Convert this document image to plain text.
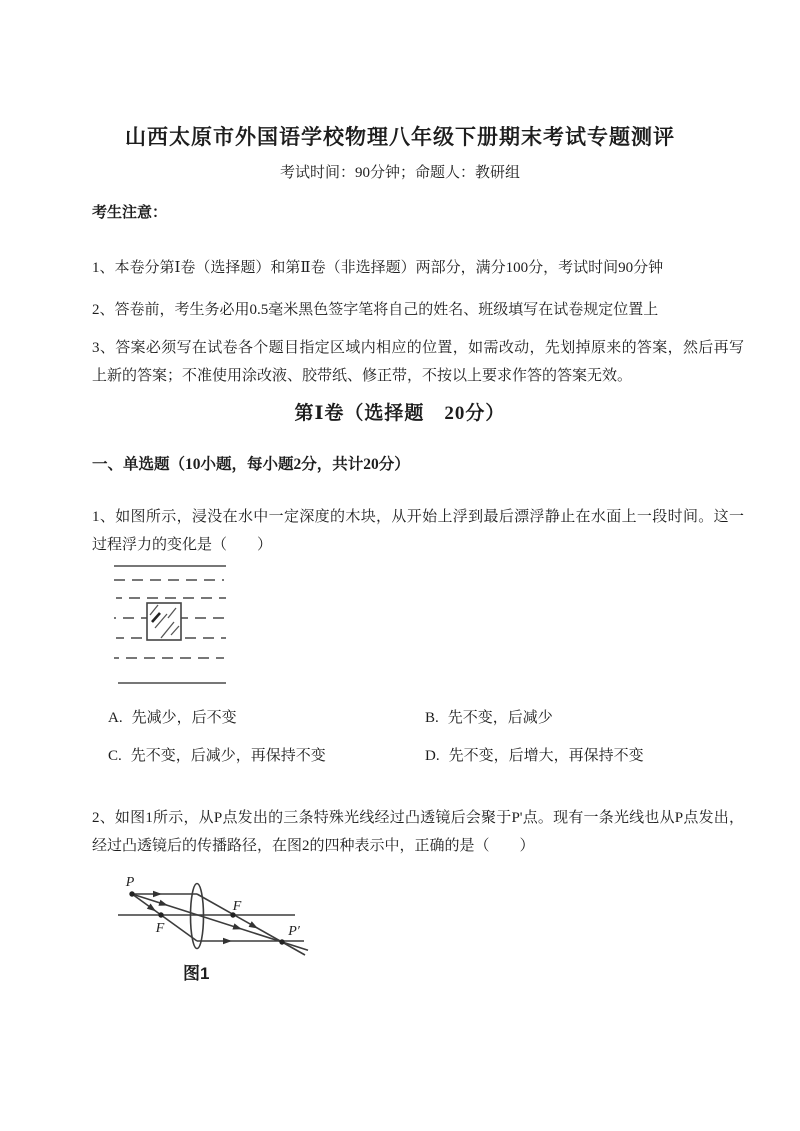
山西太原市外国语学校物理八年级下册期末考试专题测评
考试时间：90分钟；命题人：教研组
考生注意：

1、本卷分第Ⅰ卷（选择题）和第Ⅱ卷（非选择题）两部分，满分100分，考试时间90分钟

2、答卷前，考生务必用0.5毫米黑色签字笔将自己的姓名、班级填写在试卷规定位置上

3、答案必须写在试卷各个题目指定区域内相应的位置，如需改动，先划掉原来的答案，然后再写上新的答案；不准使用涂改液、胶带纸、修正带，不按以上要求作答的答案无效。

第Ⅰ卷（选择题　20分）
一、单选题（10小题，每小题2分，共计20分）

1、如图所示，浸没在水中一定深度的木块，从开始上浮到最后漂浮静止在水面上一段时间。这一过程浮力的变化是（　　）

A. 先减少，后不变	B. 先不变，后减少
C. 先不变，后减少，再保持不变	D. 先不变，后增大，再保持不变

2、如图1所示，从P点发出的三条特殊光线经过凸透镜后会聚于P'点。现有一条光线也从P点发出，经过凸透镜后的传播路径，在图2的四种表示中，正确的是（　　）

P
F
F
P′
图1
